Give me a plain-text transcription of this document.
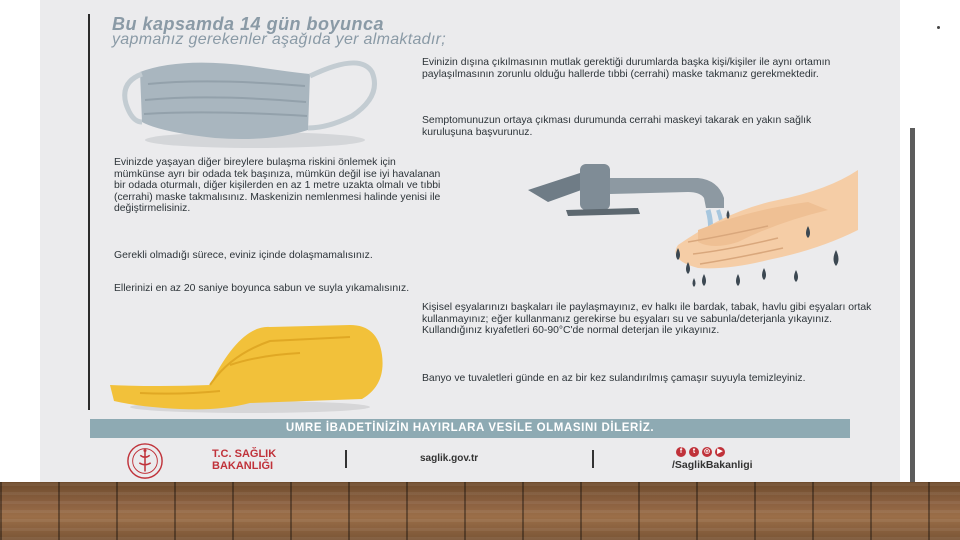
Bu kapsamda 14 gün boyunca
yapmanız gerekenler aşağıda yer almaktadır;
Evinizin dışına çıkılmasının mutlak gerektiği durumlarda başka kişi/kişiler ile aynı ortamın paylaşılmasının zorunlu olduğu hallerde tıbbi (cerrahi) maske takmanız gerekmektedir.
Semptomunuzun ortaya çıkması durumunda cerrahi maskeyi takarak en yakın sağlık kuruluşuna başvurunuz.
Evinizde yaşayan diğer bireylere bulaşma riskini önlemek için mümkünse ayrı bir odada tek başınıza, mümkün değil ise iyi havalanan bir odada oturmalı, diğer kişilerden en az 1 metre uzakta olmalı ve tıbbi (cerrahi) maske takmalısınız. Maskenizin nemlenmesi halinde yenisi ile değiştirmelisiniz.
Gerekli olmadığı sürece, eviniz içinde dolaşmamalısınız.
Ellerinizi en az 20 saniye boyunca sabun ve suyla yıkamalısınız.
Kişisel eşyalarınızı başkaları ile paylaşmayınız, ev halkı ile bardak, tabak, havlu gibi eşyaları ortak kullanmayınız; eğer kullanmanız gerekirse bu eşyaları su ve sabunla/deterjanla yıkayınız. Kullandığınız kıyafetleri 60-90°C'de normal deterjan ile yıkayınız.
Banyo ve tuvaletleri günde en az bir kez sulandırılmış çamaşır suyuyla temizleyiniz.
UMRE İBADETİNİZİN HAYIRLARA VESİLE OLMASINI DİLERİZ.
T.C. SAĞLIK
BAKANLIĞI
saglik.gov.tr
f	t	◎	▶
/SaglikBakanligi
